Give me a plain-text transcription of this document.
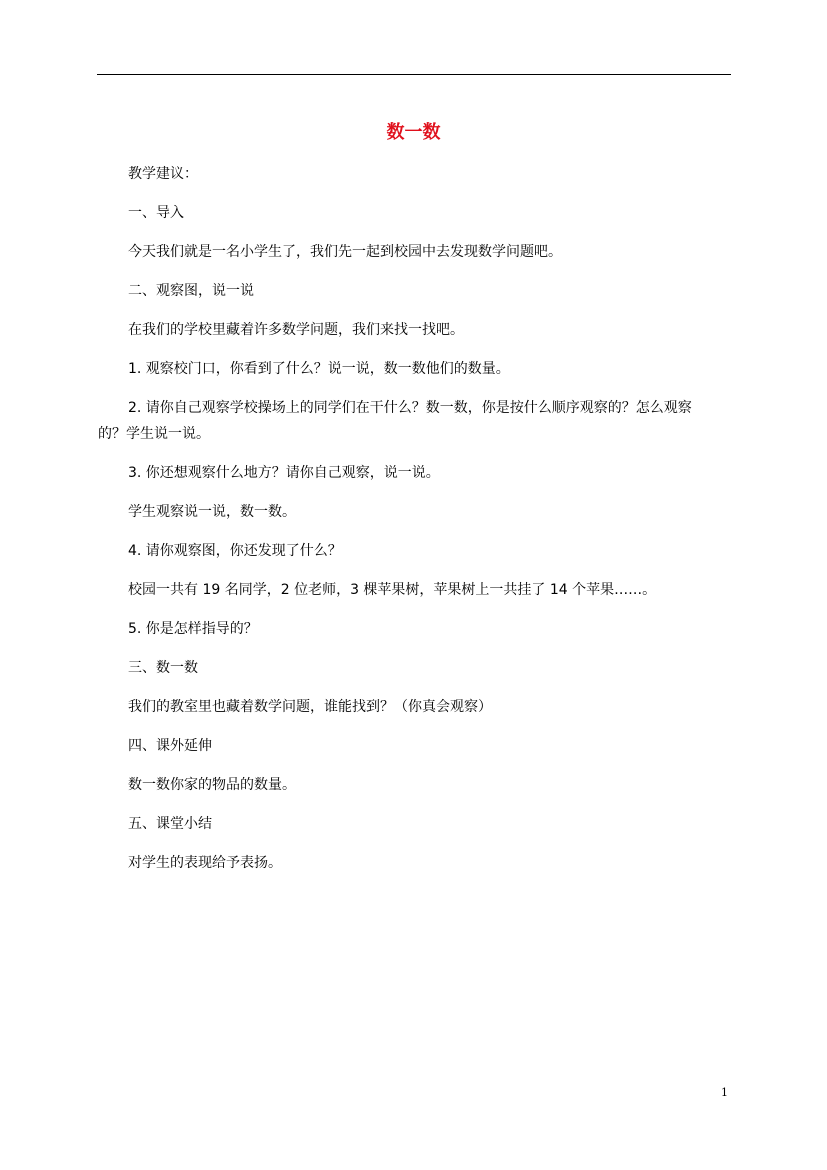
数一数
教学建议：
一、导入
今天我们就是一名小学生了，我们先一起到校园中去发现数学问题吧。
二、观察图，说一说
在我们的学校里藏着许多数学问题，我们来找一找吧。
1. 观察校门口，你看到了什么？说一说，数一数他们的数量。
2. 请你自己观察学校操场上的同学们在干什么？数一数，你是按什么顺序观察的？怎么观察
的？学生说一说。
3. 你还想观察什么地方？请你自己观察，说一说。
学生观察说一说，数一数。
4. 请你观察图，你还发现了什么？
校园一共有 19 名同学，2 位老师，3 棵苹果树，苹果树上一共挂了 14 个苹果……。
5. 你是怎样指导的？
三、数一数
我们的教室里也藏着数学问题，谁能找到？（你真会观察）
四、课外延伸
数一数你家的物品的数量。
五、课堂小结
对学生的表现给予表扬。
1
